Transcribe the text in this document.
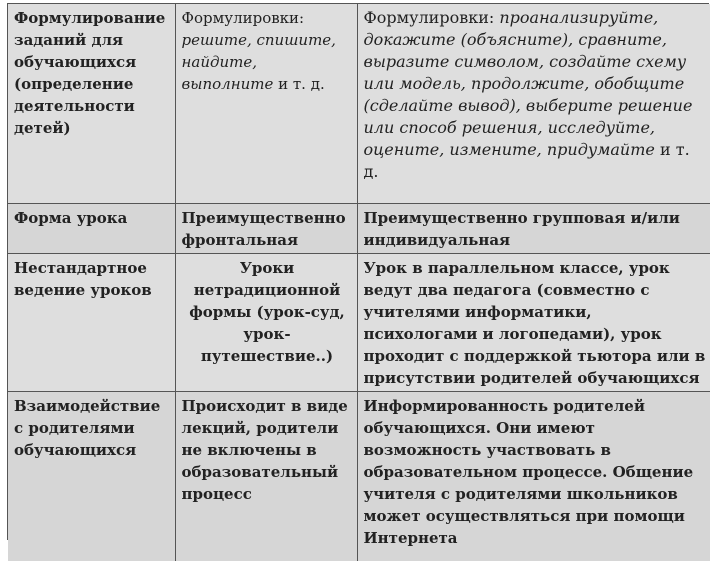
Формулирование заданий для обучающихся (определение деятельности детей)	Формулировки: решите, спишите, найдите, выполните и т. д.	Формулировки: проанализируйте, докажите (объясните), сравните, выразите символом, создайте схему или модель, продолжите, обобщите (сделайте вывод), выберите решение или способ решения, исследуйте, оцените, измените, придумайте и т. д.
Форма урока	Преимущественно фронтальная	Преимущественно групповая и/или индивидуальная
Нестандартное ведение уроков	Уроки нетрадиционной формы (урок-суд, урок-путешествие..)	Урок в параллельном классе, урок ведут два педагога (совместно с учителями информатики, психологами и логопедами), урок проходит с поддержкой тьютора или в присутствии родителей обучающихся
Взаимодействие с родителями обучающихся	Происходит в виде лекций, родители не включены в образовательный процесс	Информированность родителей обучающихся. Они имеют возможность участвовать в образовательном процессе. Общение учителя с родителями школьников может осуществляться при помощи Интернета
